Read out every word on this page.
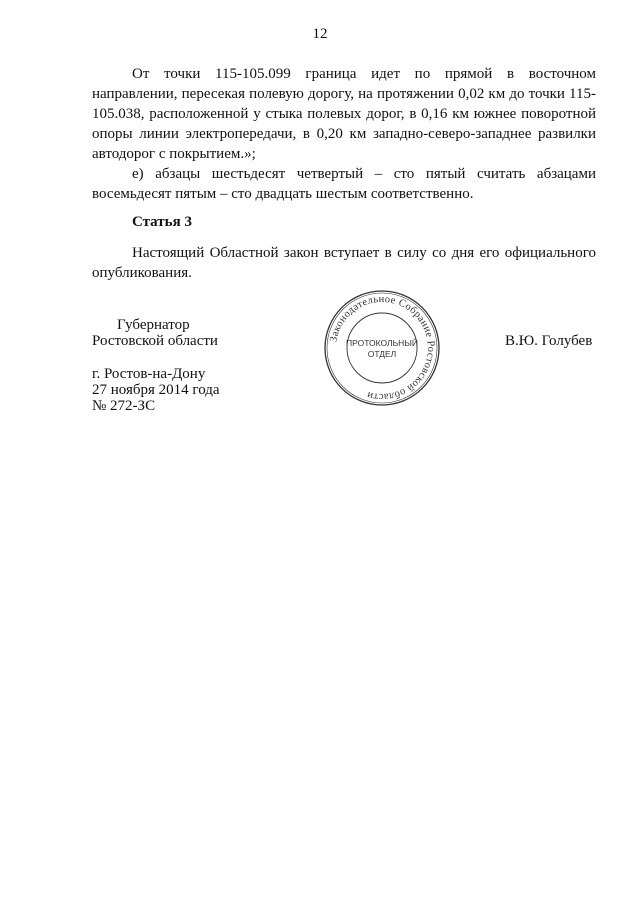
12

От точки 115-105.099 граница идет по прямой в восточном направлении, пересекая полевую дорогу, на протяжении 0,02 км до точки 115-105.038, расположенной у стыка полевых дорог, в 0,16 км южнее поворотной опоры линии электропередачи, в 0,20 км западно-северо-западнее развилки автодорог с покрытием.»;

е) абзацы шестьдесят четвертый – сто пятый считать абзацами восемьдесят пятым – сто двадцать шестым соответственно.

Статья 3

Настоящий Областной закон вступает в силу со дня его официального опубликования.

Губернатор
Ростовской области	В.Ю. Голубев
г. Ростов-на-Дону
27 ноября 2014 года
№ 272-ЗС
Законодательное Собрание Ростовской области
ПРОТОКОЛЬНЫЙ
ОТДЕЛ
